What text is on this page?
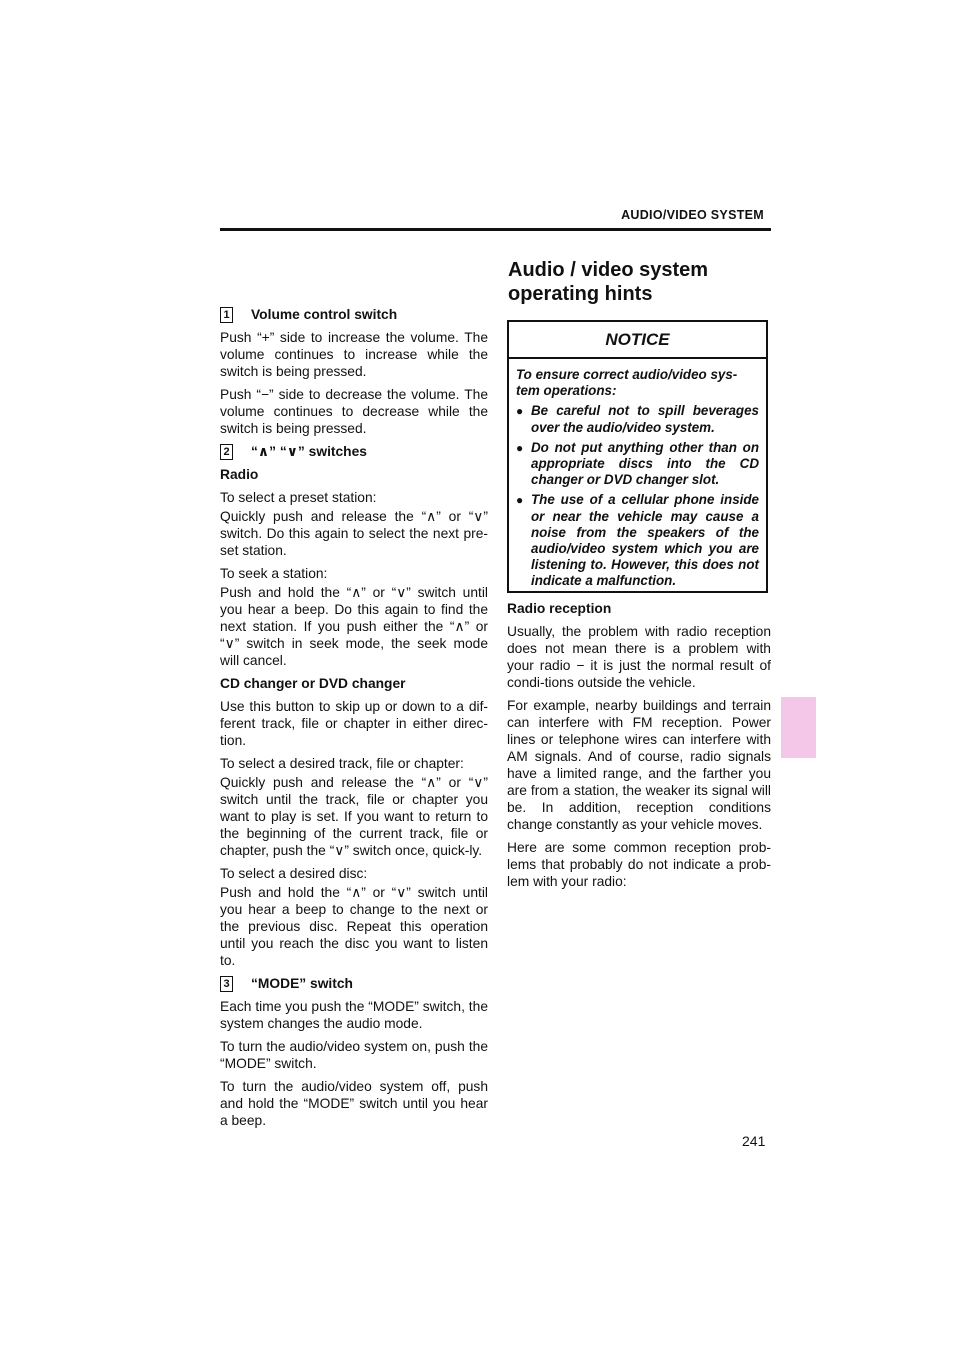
AUDIO/VIDEO SYSTEM
1 Volume control switch

Push “+” side to increase the volume. The volume continues to increase while the switch is being pressed.

Push “−” side to decrease the volume. The volume continues to decrease while the switch is being pressed.

2 “∧” “∨” switches

Radio

To select a preset station:

Quickly push and release the “∧” or “∨” switch. Do this again to select the next pre-set station.

To seek a station:

Push and hold the “∧” or “∨” switch until you hear a beep. Do this again to find the next station. If you push either the “∧” or “∨” switch in seek mode, the seek mode will cancel.

CD changer or DVD changer

Use this button to skip up or down to a dif-ferent track, file or chapter in either direc-tion.

To select a desired track, file or chapter:

Quickly push and release the “∧” or “∨” switch until the track, file or chapter you want to play is set. If you want to return to the beginning of the current track, file or chapter, push the “∨” switch once, quick-ly.

To select a desired disc:

Push and hold the “∧” or “∨” switch until you hear a beep to change to the next or the previous disc. Repeat this operation until you reach the disc you want to listen to.

3 “MODE” switch

Each time you push the “MODE” switch, the system changes the audio mode.

To turn the audio/video system on, push the “MODE” switch.

To turn the audio/video system off, push and hold the “MODE” switch until you hear a beep.

Audio / video system
operating hints
NOTICE

To ensure correct audio/video sys-tem operations:

● Be careful not to spill beverages over the audio/video system.
● Do not put anything other than on appropriate discs into the CD changer or DVD changer slot.
● The use of a cellular phone inside or near the vehicle may cause a noise from the speakers of the audio/video system which you are listening to. However, this does not indicate a malfunction.

Radio reception

Usually, the problem with radio reception does not mean there is a problem with your radio − it is just the normal result of condi-tions outside the vehicle.

For example, nearby buildings and terrain can interfere with FM reception. Power lines or telephone wires can interfere with AM signals. And of course, radio signals have a limited range, and the farther you are from a station, the weaker its signal will be. In addition, reception conditions change constantly as your vehicle moves.

Here are some common reception prob-lems that probably do not indicate a prob-lem with your radio:

241
